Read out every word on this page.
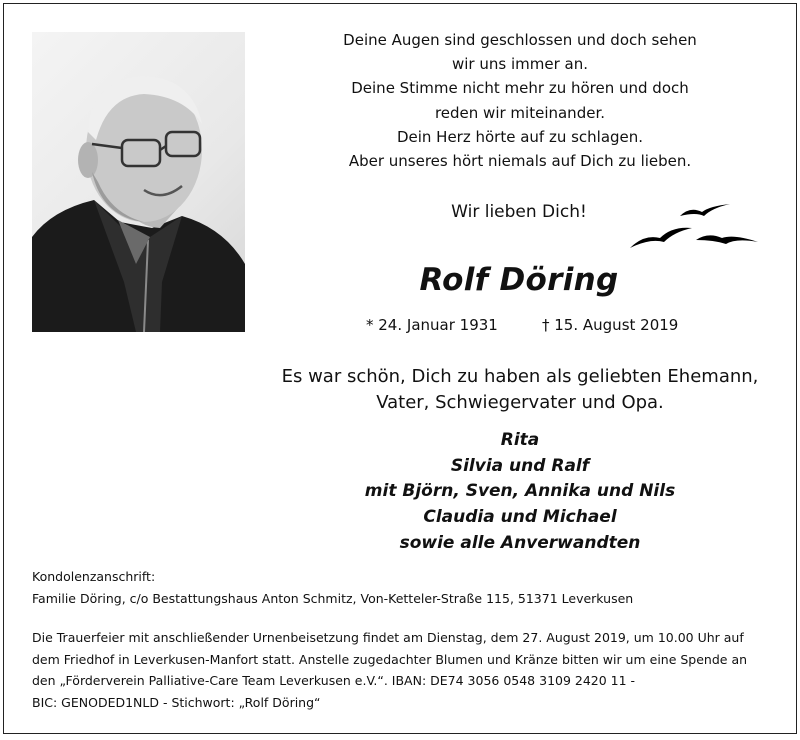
Deine Augen sind geschlossen und doch sehen
wir uns immer an.
Deine Stimme nicht mehr zu hören und doch
reden wir miteinander.
Dein Herz hörte auf zu schlagen.
Aber unseres hört niemals auf Dich zu lieben.
Wir lieben Dich!
Rolf Döring
* 24. Januar 1931	† 15. August 2019
Es war schön, Dich zu haben als geliebten Ehemann,
Vater, Schwiegervater und Opa.
Rita
Silvia und Ralf
mit Björn, Sven, Annika und Nils
Claudia und Michael
sowie alle Anverwandten
Kondolenzanschrift:
Familie Döring, c/o Bestattungshaus Anton Schmitz, Von-Ketteler-Straße 115, 51371 Leverkusen
Die Trauerfeier mit anschließender Urnenbeisetzung findet am Dienstag, dem 27. August 2019, um 10.00 Uhr auf
dem Friedhof in Leverkusen-Manfort statt. Anstelle zugedachter Blumen und Kränze bitten wir um eine Spende an
den „Förderverein Palliative-Care Team Leverkusen e.V.“. IBAN: DE74 3056 0548 3109 2420 11 -
BIC: GENODED1NLD - Stichwort: „Rolf Döring“
